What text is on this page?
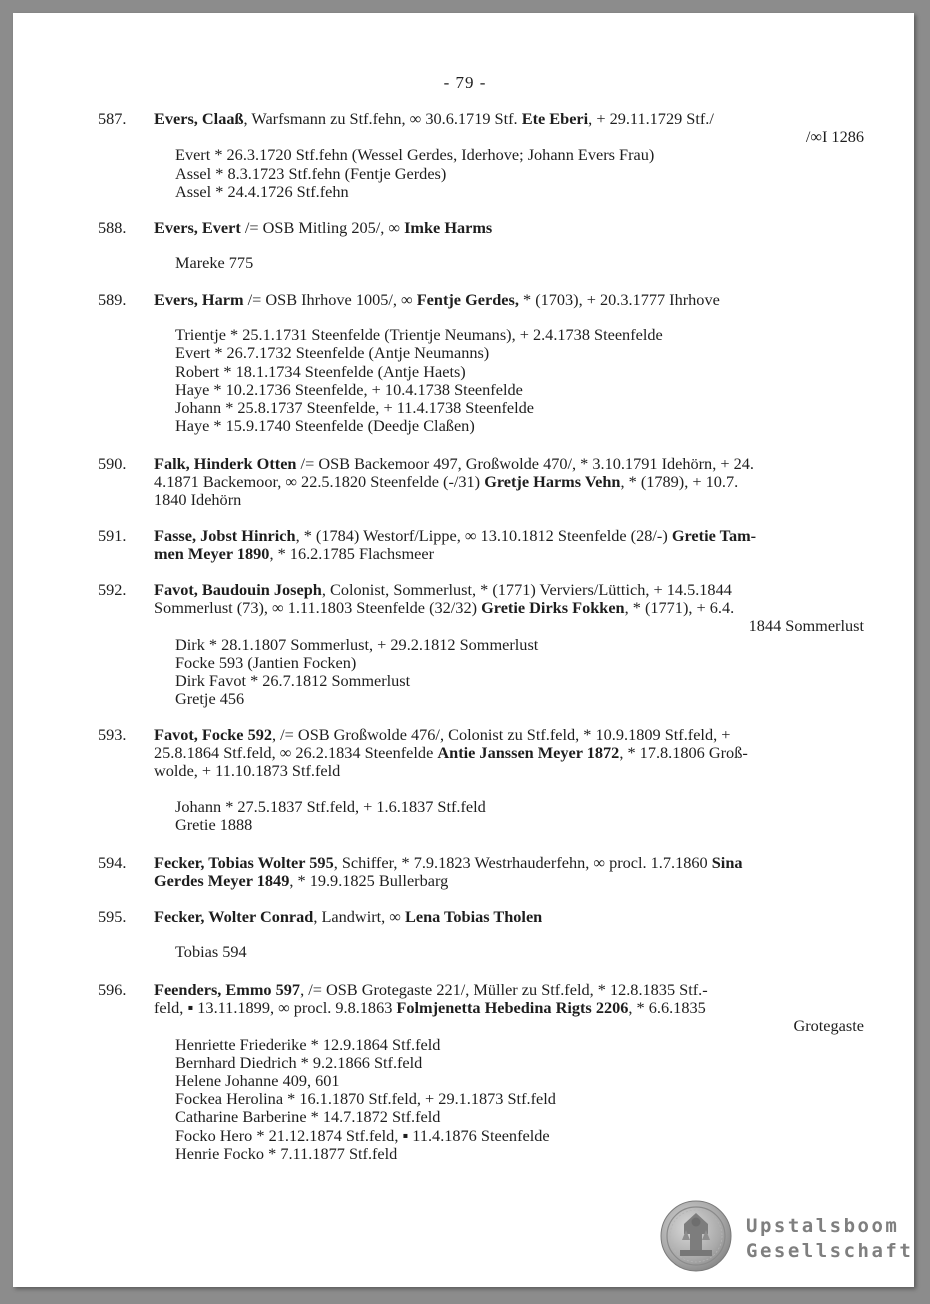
- 79 -
587. Evers, Claaß, Warfsmann zu Stf.fehn, ∞ 30.6.1719 Stf. Ete Eberi, + 29.11.1729 Stf./
/∞I 1286
Evert * 26.3.1720 Stf.fehn (Wessel Gerdes, Iderhove; Johann Evers Frau)
Assel * 8.3.1723 Stf.fehn (Fentje Gerdes)
Assel * 24.4.1726 Stf.fehn
588. Evers, Evert /= OSB Mitling 205/, ∞ Imke Harms
Mareke 775
589. Evers, Harm /= OSB Ihrhove 1005/, ∞ Fentje Gerdes, * (1703), + 20.3.1777 Ihrhove
Trientje * 25.1.1731 Steenfelde (Trientje Neumans), + 2.4.1738 Steenfelde
Evert * 26.7.1732 Steenfelde (Antje Neumanns)
Robert * 18.1.1734 Steenfelde (Antje Haets)
Haye * 10.2.1736 Steenfelde, + 10.4.1738 Steenfelde
Johann * 25.8.1737 Steenfelde, + 11.4.1738 Steenfelde
Haye * 15.9.1740 Steenfelde (Deedje Claßen)
590. Falk, Hinderk Otten /= OSB Backemoor 497, Großwolde 470/, * 3.10.1791 Idehörn, + 24.
4.1871 Backemoor, ∞ 22.5.1820 Steenfelde (-/31) Gretje Harms Vehn, * (1789), + 10.7.
1840 Idehörn
591. Fasse, Jobst Hinrich, * (1784) Westorf/Lippe, ∞ 13.10.1812 Steenfelde (28/-) Gretie Tam-
men Meyer 1890, * 16.2.1785 Flachsmeer
592. Favot, Baudouin Joseph, Colonist, Sommerlust, * (1771) Verviers/Lüttich, + 14.5.1844
Sommerlust (73), ∞ 1.11.1803 Steenfelde (32/32) Gretie Dirks Fokken, * (1771), + 6.4.
1844 Sommerlust
Dirk * 28.1.1807 Sommerlust, + 29.2.1812 Sommerlust
Focke 593 (Jantien Focken)
Dirk Favot * 26.7.1812 Sommerlust
Gretje 456
593. Favot, Focke 592, /= OSB Großwolde 476/, Colonist zu Stf.feld, * 10.9.1809 Stf.feld, +
25.8.1864 Stf.feld, ∞ 26.2.1834 Steenfelde Antie Janssen Meyer 1872, * 17.8.1806 Groß-
wolde, + 11.10.1873 Stf.feld
Johann * 27.5.1837 Stf.feld, + 1.6.1837 Stf.feld
Gretie 1888
594. Fecker, Tobias Wolter 595, Schiffer, * 7.9.1823 Westrhauderfehn, ∞ procl. 1.7.1860 Sina
Gerdes Meyer 1849, * 19.9.1825 Bullerbarg
595. Fecker, Wolter Conrad, Landwirt, ∞ Lena Tobias Tholen
Tobias 594
596. Feenders, Emmo 597, /= OSB Grotegaste 221/, Müller zu Stf.feld, * 12.8.1835 Stf.-
feld, ▪ 13.11.1899, ∞ procl. 9.8.1863 Folmjenetta Hebedina Rigts 2206, * 6.6.1835
Grotegaste
Henriette Friederike * 12.9.1864 Stf.feld
Bernhard Diedrich * 9.2.1866 Stf.feld
Helene Johanne 409, 601
Fockea Herolina * 16.1.1870 Stf.feld, + 29.1.1873 Stf.feld
Catharine Barberine * 14.7.1872 Stf.feld
Focko Hero * 21.12.1874 Stf.feld, ▪ 11.4.1876 Steenfelde
Henrie Focko * 7.11.1877 Stf.feld
Upstalsboom
Gesellschaft
